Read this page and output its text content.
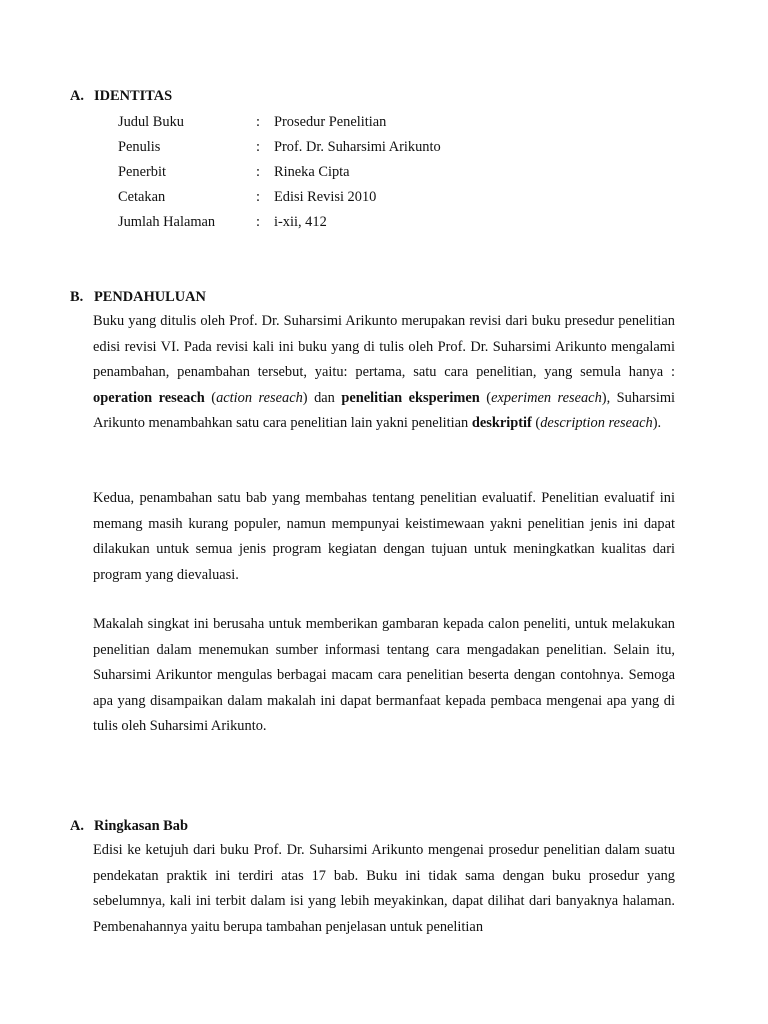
A. IDENTITAS
Judul Buku	: Prosedur Penelitian
Penulis	: Prof. Dr. Suharsimi Arikunto
Penerbit	: Rineka Cipta
Cetakan	: Edisi Revisi 2010
Jumlah Halaman	: i-xii, 412
B. PENDAHULUAN

Buku yang ditulis oleh Prof. Dr. Suharsimi Arikunto merupakan revisi dari buku presedur penelitian edisi revisi VI. Pada revisi kali ini buku yang di tulis oleh Prof. Dr. Suharsimi Arikunto mengalami penambahan, penambahan tersebut, yaitu: pertama, satu cara penelitian, yang semula hanya : operation reseach (action reseach) dan penelitian eksperimen (experimen reseach), Suharsimi Arikunto menambahkan satu cara penelitian lain yakni penelitian deskriptif (description reseach).

Kedua, penambahan satu bab yang membahas tentang penelitian evaluatif. Penelitian evaluatif ini memang masih kurang populer, namun mempunyai keistimewaan yakni penelitian jenis ini dapat dilakukan untuk semua jenis program kegiatan dengan tujuan untuk meningkatkan kualitas dari program yang dievaluasi.

Makalah singkat ini berusaha untuk memberikan gambaran kepada calon peneliti, untuk melakukan penelitian dalam menemukan sumber informasi tentang cara mengadakan penelitian. Selain itu, Suharsimi Arikuntor mengulas berbagai macam cara penelitian beserta dengan contohnya. Semoga apa yang disampaikan dalam makalah ini dapat bermanfaat kepada pembaca mengenai apa yang di tulis oleh Suharsimi Arikunto.

A. Ringkasan Bab

Edisi ke ketujuh dari buku Prof. Dr. Suharsimi Arikunto mengenai prosedur penelitian dalam suatu pendekatan praktik ini terdiri atas 17 bab. Buku ini tidak sama dengan buku prosedur yang sebelumnya, kali ini terbit dalam isi yang lebih meyakinkan, dapat dilihat dari banyaknya halaman. Pembenahannya yaitu berupa tambahan penjelasan untuk penelitian
